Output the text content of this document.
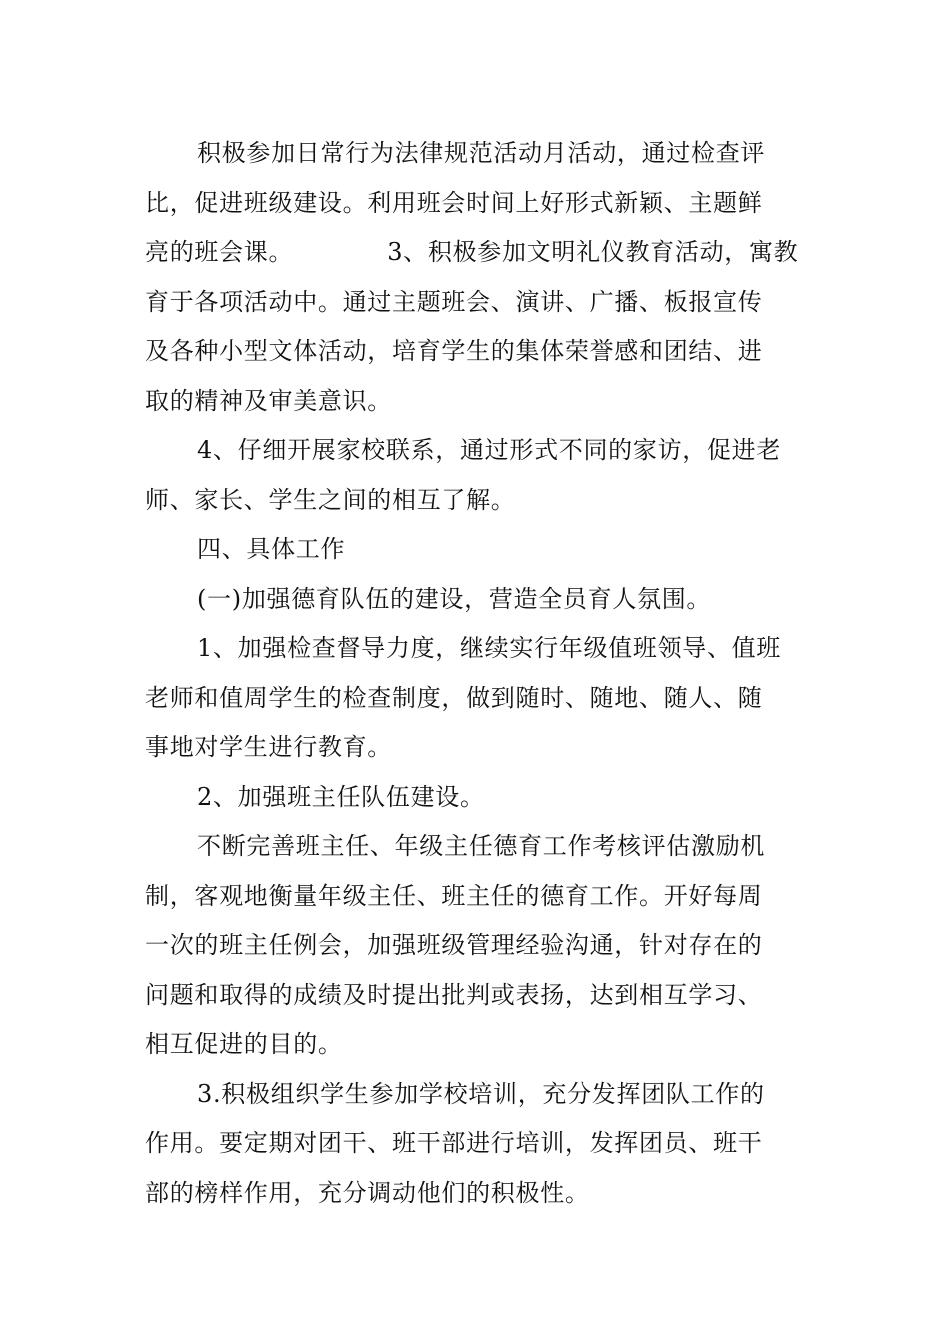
积极参加日常行为法律规范活动月活动，通过检查评
比，促进班级建设。利用班会时间上好形式新颖、主题鲜
亮的班会课。	3、积极参加文明礼仪教育活动，寓教
育于各项活动中。通过主题班会、演讲、广播、板报宣传
及各种小型文体活动，培育学生的集体荣誉感和团结、进
取的精神及审美意识。
4、仔细开展家校联系，通过形式不同的家访，促进老
师、家长、学生之间的相互了解。
四、具体工作
(一)加强德育队伍的建设，营造全员育人氛围。
1、加强检查督导力度，继续实行年级值班领导、值班
老师和值周学生的检查制度，做到随时、随地、随人、随
事地对学生进行教育。
2、加强班主任队伍建设。
不断完善班主任、年级主任德育工作考核评估激励机
制，客观地衡量年级主任、班主任的德育工作。开好每周
一次的班主任例会，加强班级管理经验沟通，针对存在的
问题和取得的成绩及时提出批判或表扬，达到相互学习、
相互促进的目的。
3.积极组织学生参加学校培训，充分发挥团队工作的
作用。要定期对团干、班干部进行培训，发挥团员、班干
部的榜样作用，充分调动他们的积极性。
